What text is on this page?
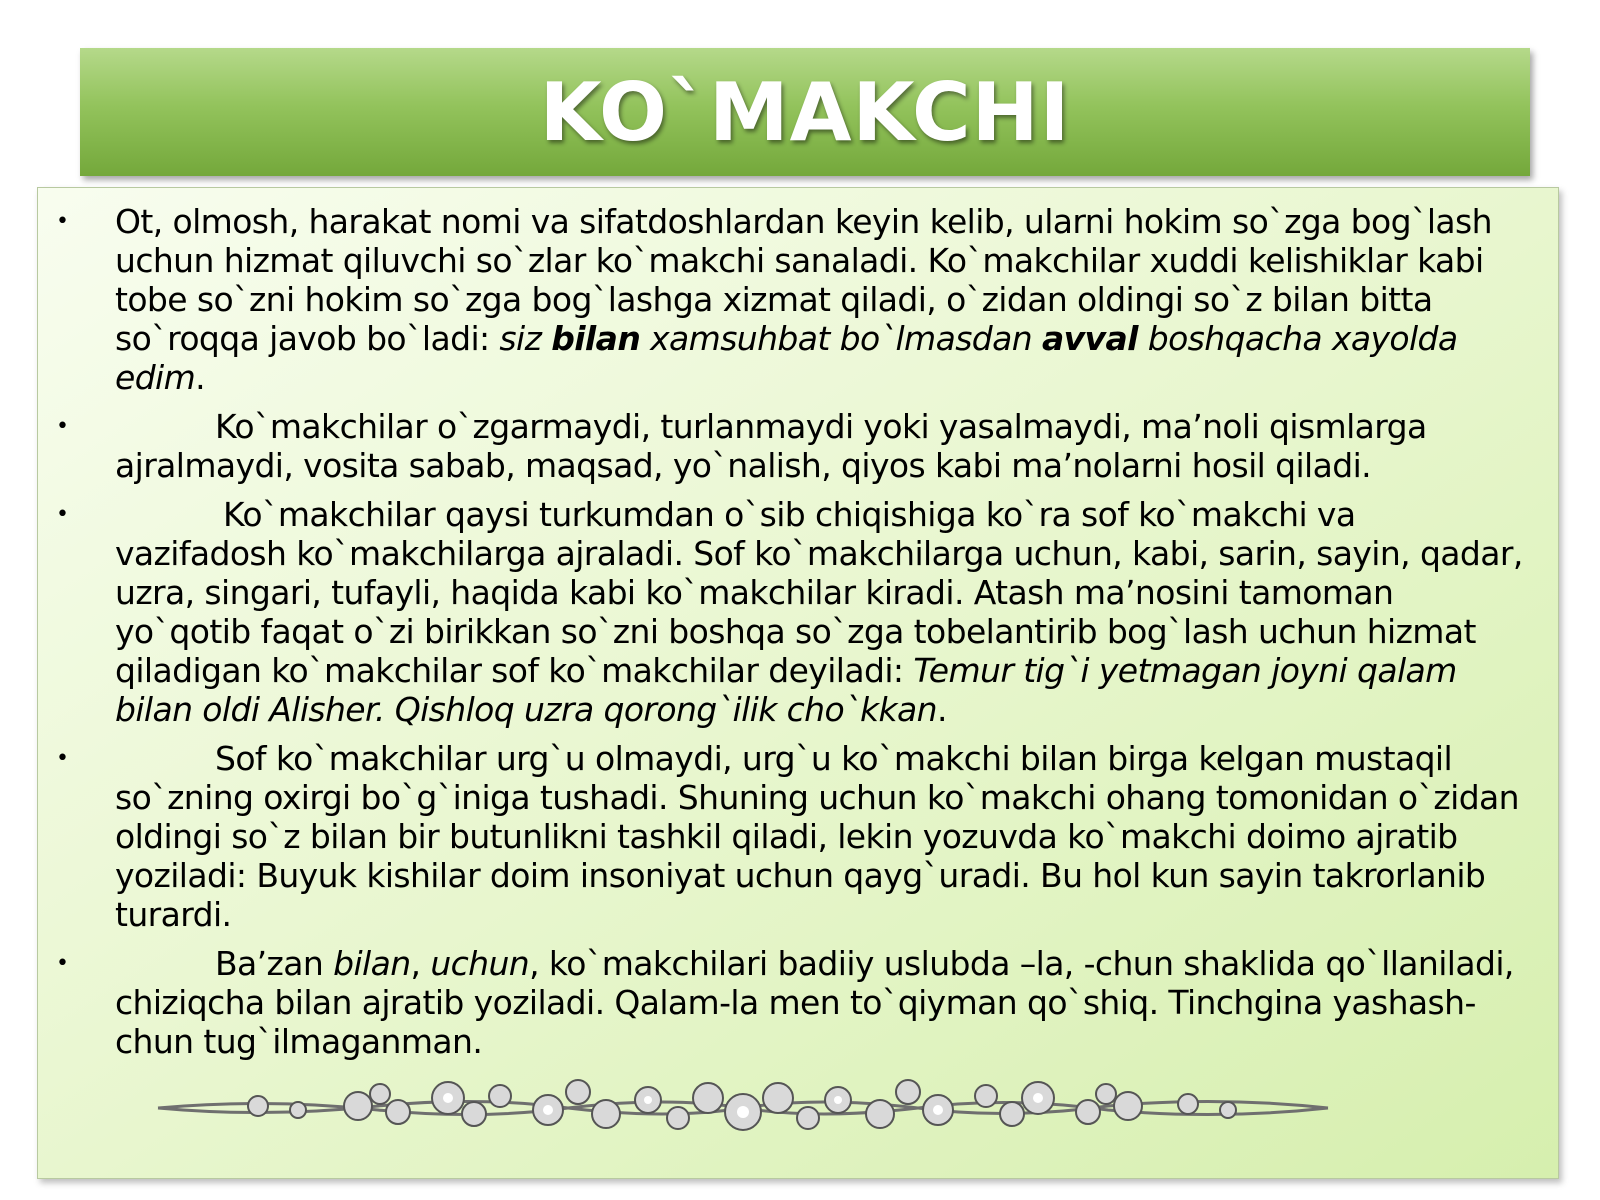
KO`MAKCHI
• Ot, olmosh, harakat nomi va sifatdoshlardan keyin kelib, ularni hokim so`zga bog`lash uchun hizmat qiluvchi so`zlar ko`makchi sanaladi. Ko`makchilar xuddi kelishiklar kabi tobe so`zni hokim so`zga bog`lashga xizmat qiladi, o`zidan oldingi so`z bilan bitta so`roqqa javob bo`ladi: siz bilan xamsuhbat bo`lmasdan avval boshqacha xayolda edim.
•	Ko`makchilar o`zgarmaydi, turlanmaydi yoki yasalmaydi, ma’noli qismlarga ajralmaydi, vosita sabab, maqsad, yo`nalish, qiyos kabi ma’nolarni hosil qiladi.
•	Ko`makchilar qaysi turkumdan o`sib chiqishiga ko`ra sof ko`makchi va vazifadosh ko`makchilarga ajraladi. Sof ko`makchilarga uchun, kabi, sarin, sayin, qadar, uzra, singari, tufayli, haqida kabi ko`makchilar kiradi. Atash ma’nosini tamoman yo`qotib faqat o`zi birikkan so`zni boshqa so`zga tobelantirib bog`lash uchun hizmat qiladigan ko`makchilar sof ko`makchilar deyiladi: Temur tig`i yetmagan joyni qalam bilan oldi Alisher. Qishloq uzra qorong`ilik cho`kkan.
•	Sof ko`makchilar urg`u olmaydi, urg`u ko`makchi bilan birga kelgan mustaqil so`zning oxirgi bo`g`iniga tushadi. Shuning uchun ko`makchi ohang tomonidan o`zidan oldingi so`z bilan bir butunlikni tashkil qiladi, lekin yozuvda ko`makchi doimo ajratib yoziladi: Buyuk kishilar doim insoniyat uchun qayg`uradi. Bu hol kun sayin takrorlanib turardi.
•	Ba’zan bilan, uchun, ko`makchilari badiiy uslubda –la, -chun shaklida qo`llaniladi, chiziqcha bilan ajratib yoziladi. Qalam-la men to`qiyman qo`shiq. Tinchgina yashash-chun tug`ilmaganman.
